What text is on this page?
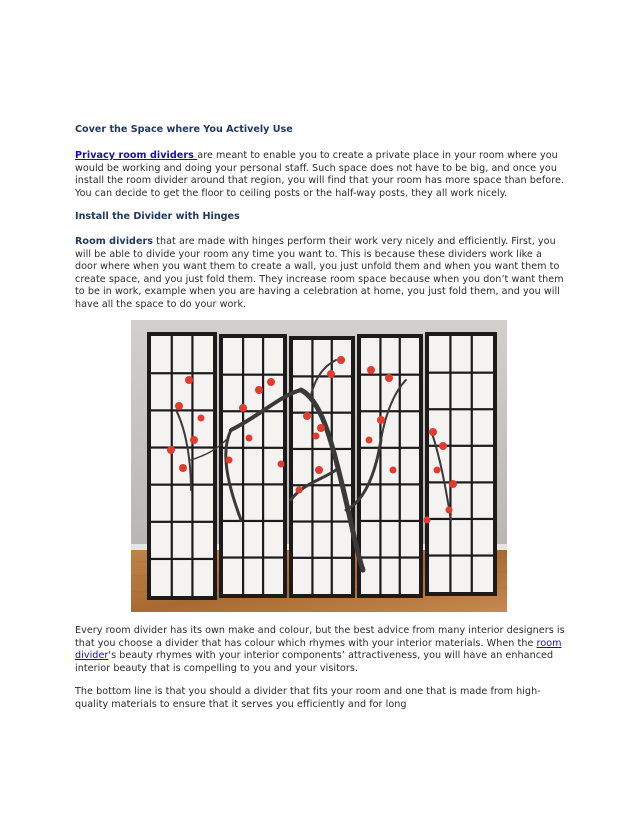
Cover the Space where You Actively Use
Privacy room dividers are meant to enable you to create a private place in your room where you would be working and doing your personal staff. Such space does not have to be big, and once you install the room divider around that region, you will find that your room has more space than before. You can decide to get the floor to ceiling posts or the half-way posts, they all work nicely.
Install the Divider with Hinges
Room dividers that are made with hinges perform their work very nicely and efficiently. First, you will be able to divide your room any time you want to. This is because these dividers work like a door where when you want them to create a wall, you just unfold them and when you want them to create space, and you just fold them. They increase room space because when you don’t want them to be in work, example when you are having a celebration at home, you just fold them, and you will have all the space to do your work.
Every room divider has its own make and colour, but the best advice from many interior designers is that you choose a divider that has colour which rhymes with your interior materials. When the room divider's beauty rhymes with your interior components’ attractiveness, you will have an enhanced interior beauty that is compelling to you and your visitors.
The bottom line is that you should a divider that fits your room and one that is made from high-quality materials to ensure that it serves you efficiently and for long
